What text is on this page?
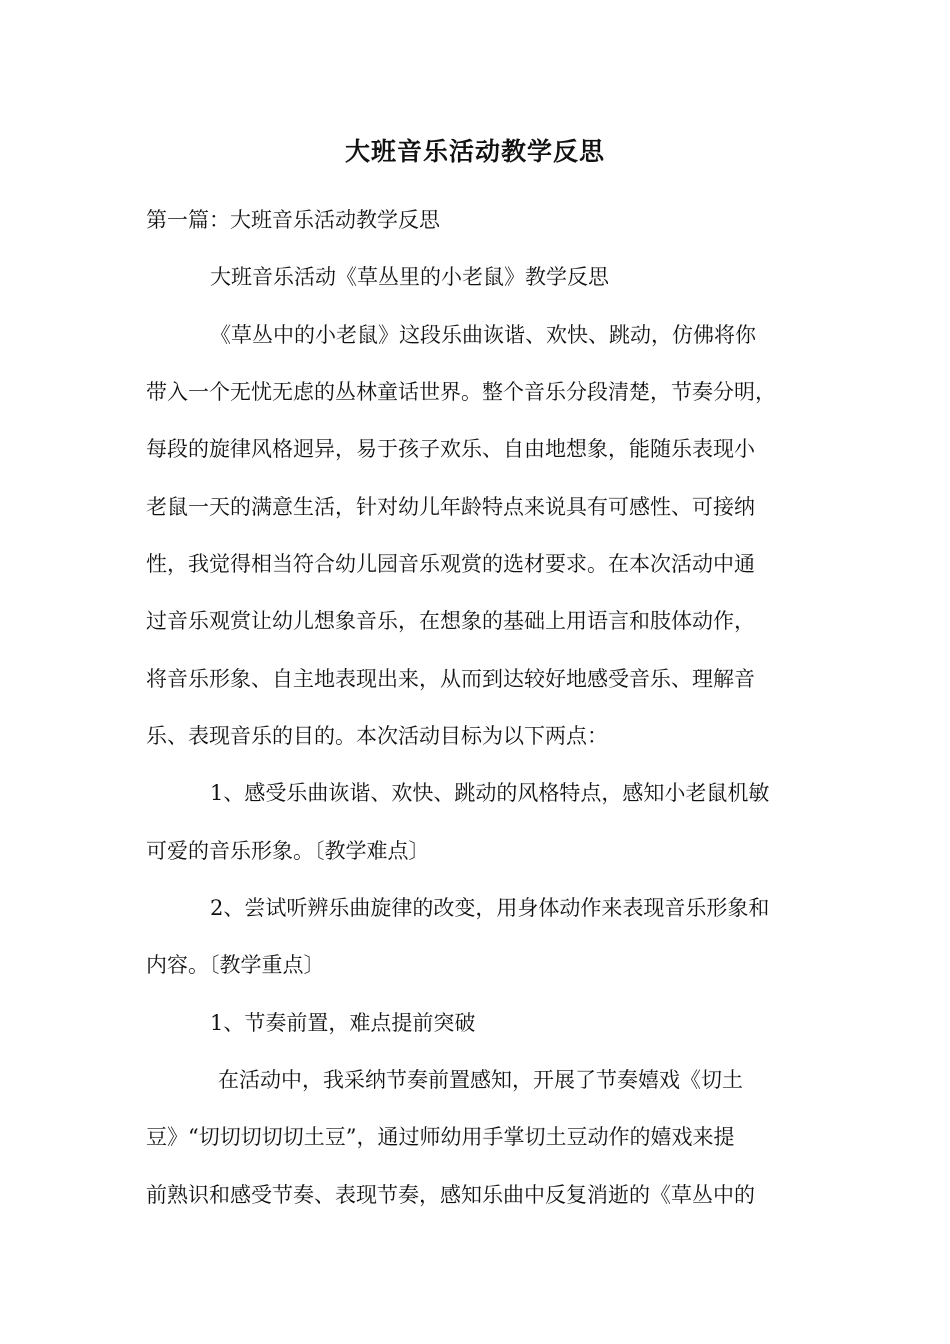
大班音乐活动教学反思

第一篇：大班音乐活动教学反思

大班音乐活动《草丛里的小老鼠》教学反思

《草丛中的小老鼠》这段乐曲诙谐、欢快、跳动，仿佛将你

带入一个无忧无虑的丛林童话世界。整个音乐分段清楚，节奏分明，

每段的旋律风格迥异，易于孩子欢乐、自由地想象，能随乐表现小

老鼠一天的满意生活，针对幼儿年龄特点来说具有可感性、可接纳

性，我觉得相当符合幼儿园音乐观赏的选材要求。在本次活动中通

过音乐观赏让幼儿想象音乐，在想象的基础上用语言和肢体动作，

将音乐形象、自主地表现出来，从而到达较好地感受音乐、理解音

乐、表现音乐的目的。本次活动目标为以下两点：

1、感受乐曲诙谐、欢快、跳动的风格特点，感知小老鼠机敏

可爱的音乐形象。〔教学难点〕

2、尝试听辨乐曲旋律的改变，用身体动作来表现音乐形象和

内容。〔教学重点〕

1、节奏前置，难点提前突破

在活动中，我采纳节奏前置感知，开展了节奏嬉戏《切土

豆》“切切切切切土豆”，通过师幼用手掌切土豆动作的嬉戏来提

前熟识和感受节奏、表现节奏，感知乐曲中反复消逝的《草丛中的
